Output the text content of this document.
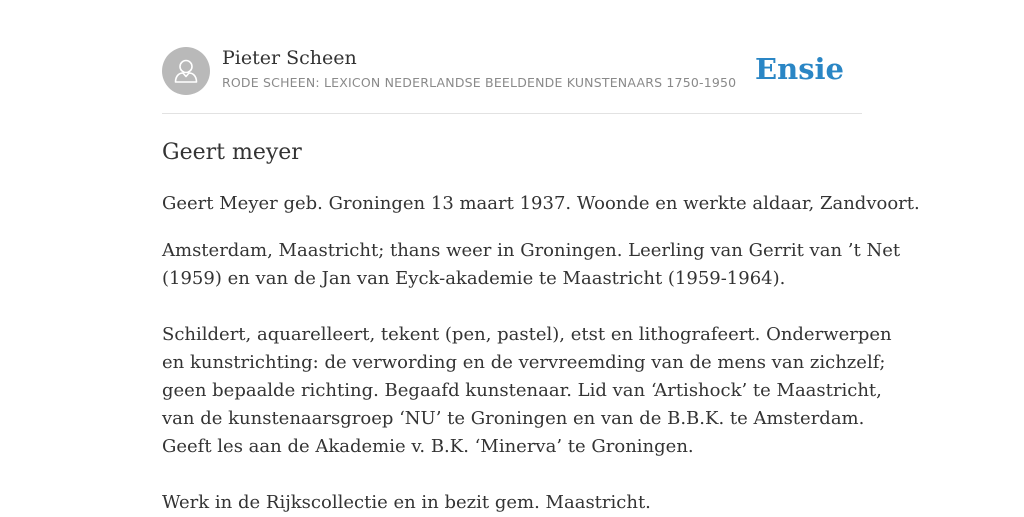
Pieter Scheen
RODE SCHEEN: LEXICON NEDERLANDSE BEELDENDE KUNSTENAARS 1750-1950 Ensie
Geert meyer

Geert Meyer geb. Groningen 13 maart 1937. Woonde en werkte aldaar, Zandvoort.

Amsterdam, Maastricht; thans weer in Groningen. Leerling van Gerrit van ’t Net

(1959) en van de Jan van Eyck-akademie te Maastricht (1959-1964).

Schildert, aquarelleert, tekent (pen, pastel), etst en lithografeert. Onderwerpen

en kunstrichting: de verwording en de vervreemding van de mens van zichzelf;

geen bepaalde richting. Begaafd kunstenaar. Lid van ‘Artishock’ te Maastricht,

van de kunstenaarsgroep ‘NU’ te Groningen en van de B.B.K. te Amsterdam.

Geeft les aan de Akademie v. B.K. ‘Minerva’ te Groningen.

Werk in de Rijkscollectie en in bezit gem. Maastricht.
